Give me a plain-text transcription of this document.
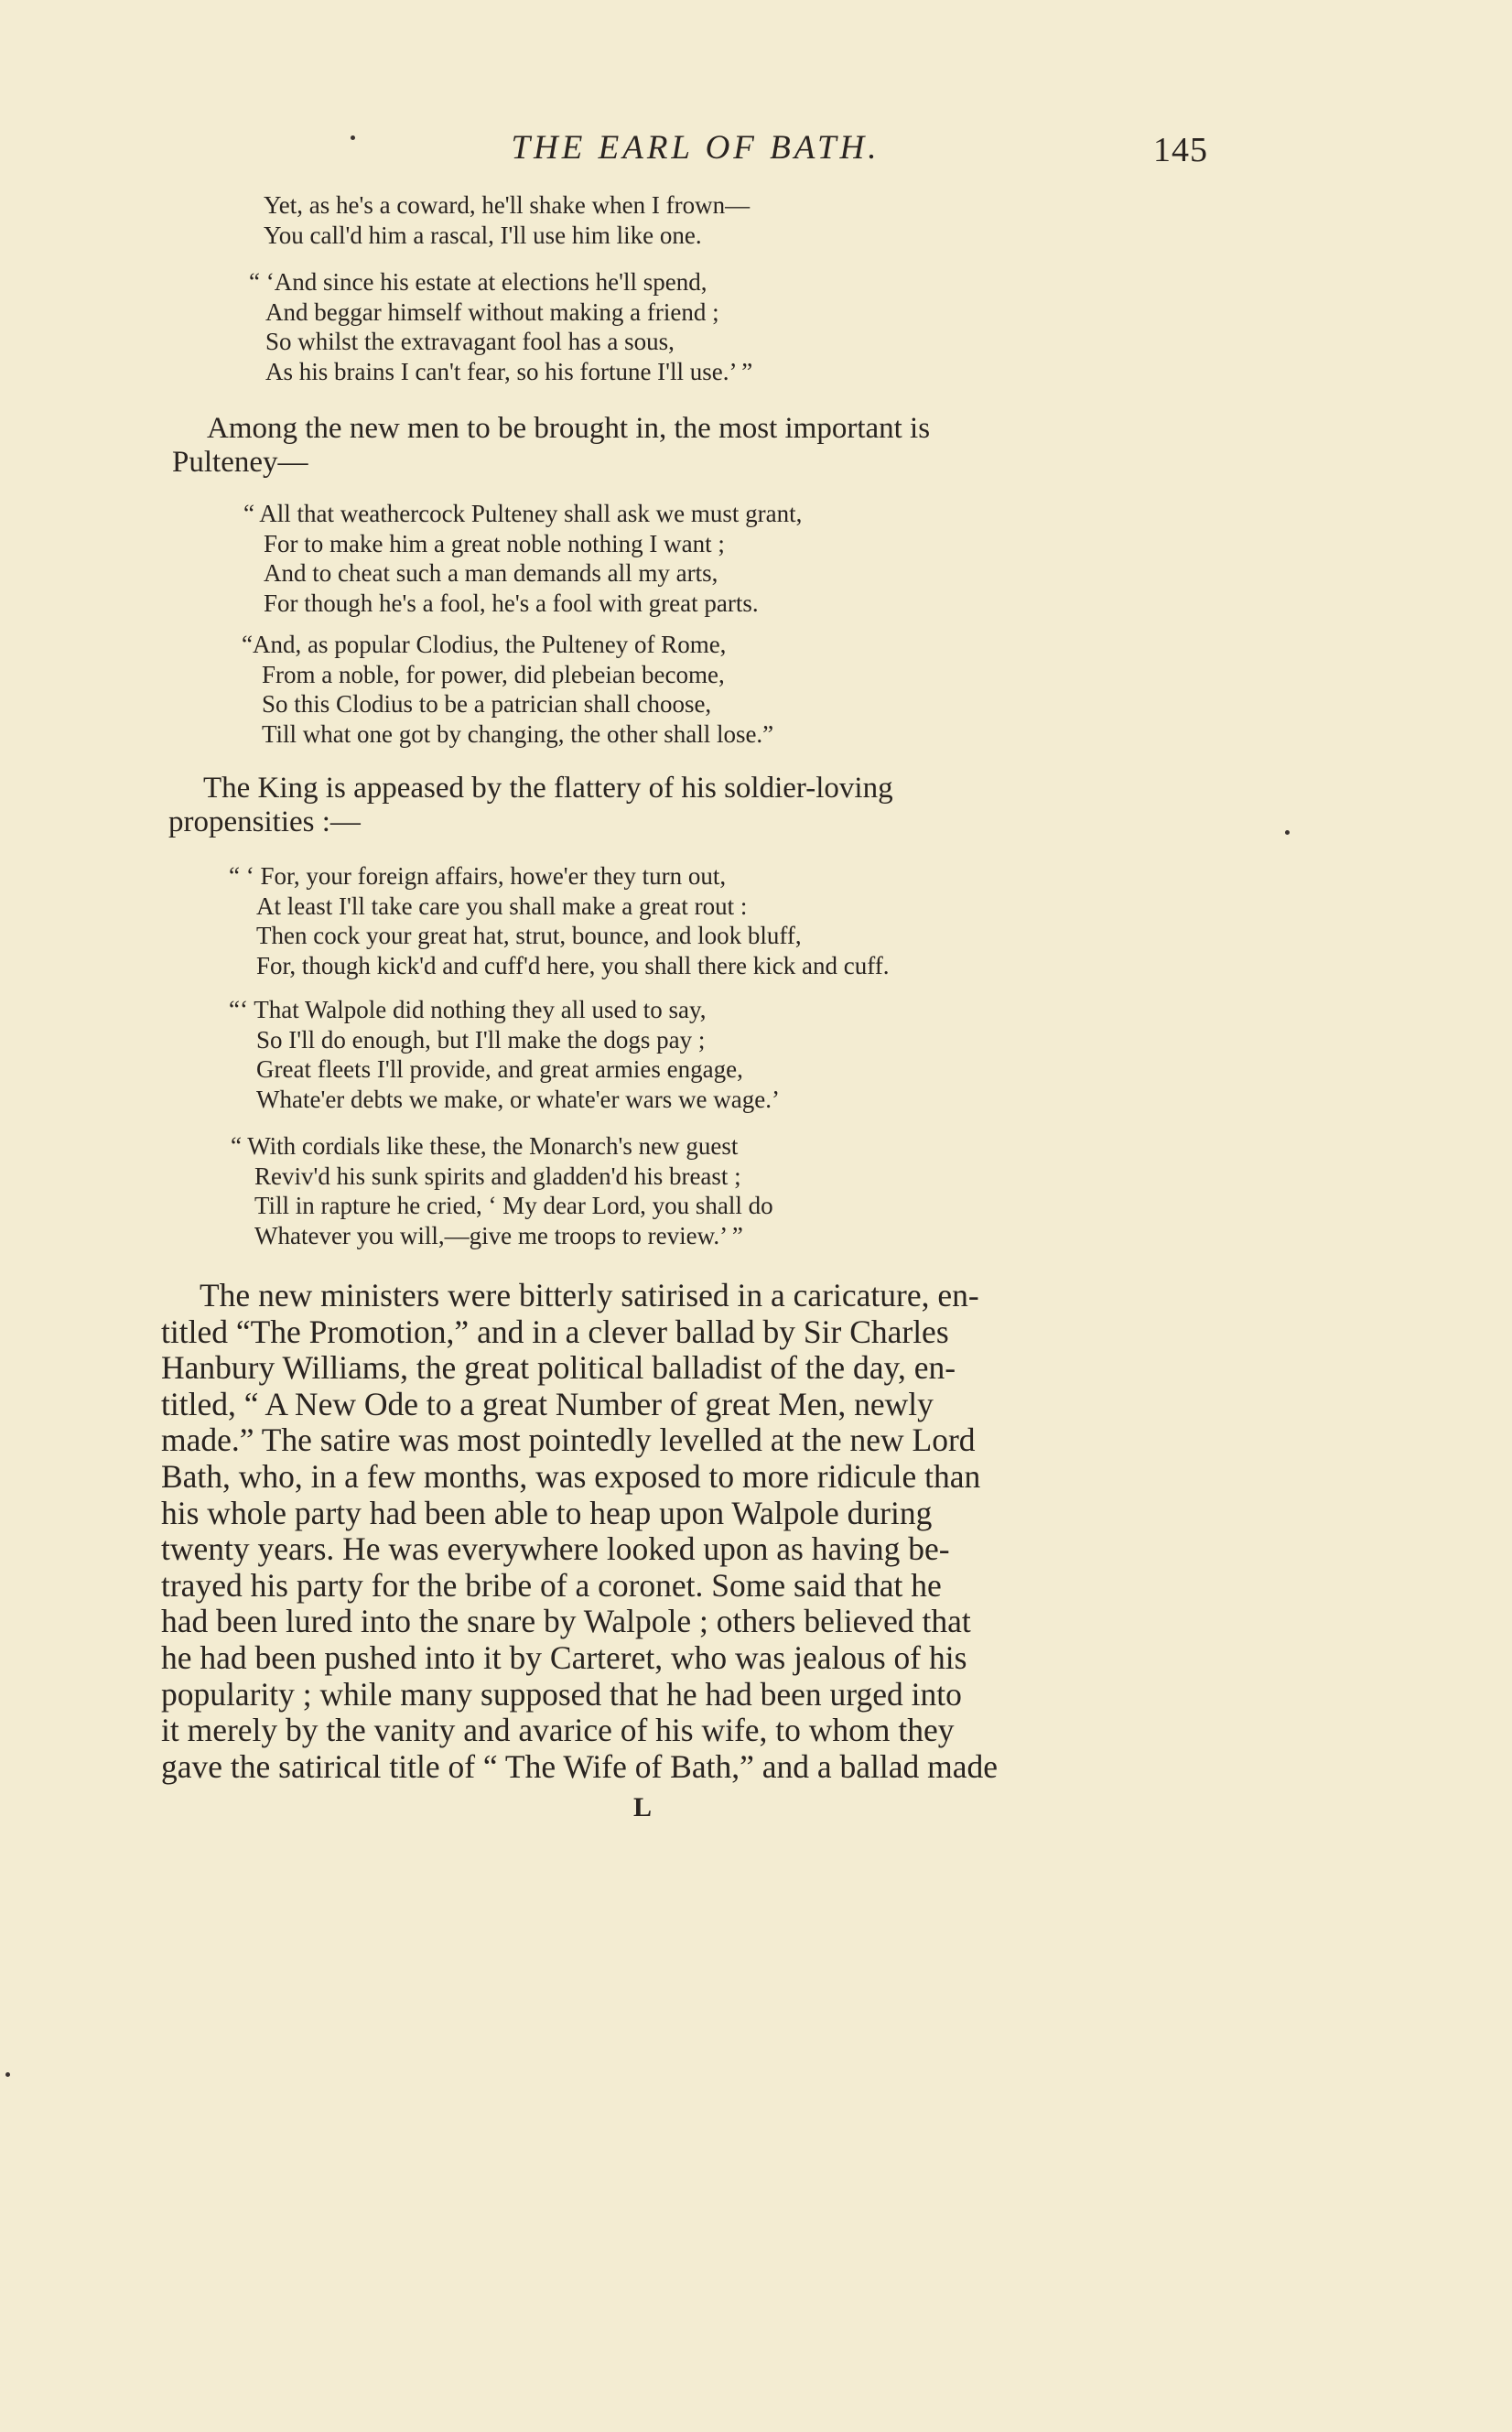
THE EARL OF BATH.	145
Yet, as he's a coward, he'll shake when I frown—
You call'd him a rascal, I'll use him like one.
“ ‘And since his estate at elections he'll spend,
And beggar himself without making a friend ;
So whilst the extravagant fool has a sous,
As his brains I can't fear, so his fortune I'll use.’ ”
Among the new men to be brought in, the most important is
Pulteney—
“ All that weathercock Pulteney shall ask we must grant,
For to make him a great noble nothing I want ;
And to cheat such a man demands all my arts,
For though he's a fool, he's a fool with great parts.
“And, as popular Clodius, the Pulteney of Rome,
From a noble, for power, did plebeian become,
So this Clodius to be a patrician shall choose,
Till what one got by changing, the other shall lose.”
The King is appeased by the flattery of his soldier-loving
propensities :—
“ ‘ For, your foreign affairs, howe'er they turn out,
At least I'll take care you shall make a great rout :
Then cock your great hat, strut, bounce, and look bluff,
For, though kick'd and cuff'd here, you shall there kick and cuff.
“‘ That Walpole did nothing they all used to say,
So I'll do enough, but I'll make the dogs pay ;
Great fleets I'll provide, and great armies engage,
Whate'er debts we make, or whate'er wars we wage.’
“ With cordials like these, the Monarch's new guest
Reviv'd his sunk spirits and gladden'd his breast ;
Till in rapture he cried, ‘ My dear Lord, you shall do
Whatever you will,—give me troops to review.’ ”
The new ministers were bitterly satirised in a caricature, en-
titled “The Promotion,” and in a clever ballad by Sir Charles
Hanbury Williams, the great political balladist of the day, en-
titled, “ A New Ode to a great Number of great Men, newly
made.” The satire was most pointedly levelled at the new Lord
Bath, who, in a few months, was exposed to more ridicule than
his whole party had been able to heap upon Walpole during
twenty years. He was everywhere looked upon as having be-
trayed his party for the bribe of a coronet. Some said that he
had been lured into the snare by Walpole ; others believed that
he had been pushed into it by Carteret, who was jealous of his
popularity ; while many supposed that he had been urged into
it merely by the vanity and avarice of his wife, to whom they
gave the satirical title of “ The Wife of Bath,” and a ballad made
L
